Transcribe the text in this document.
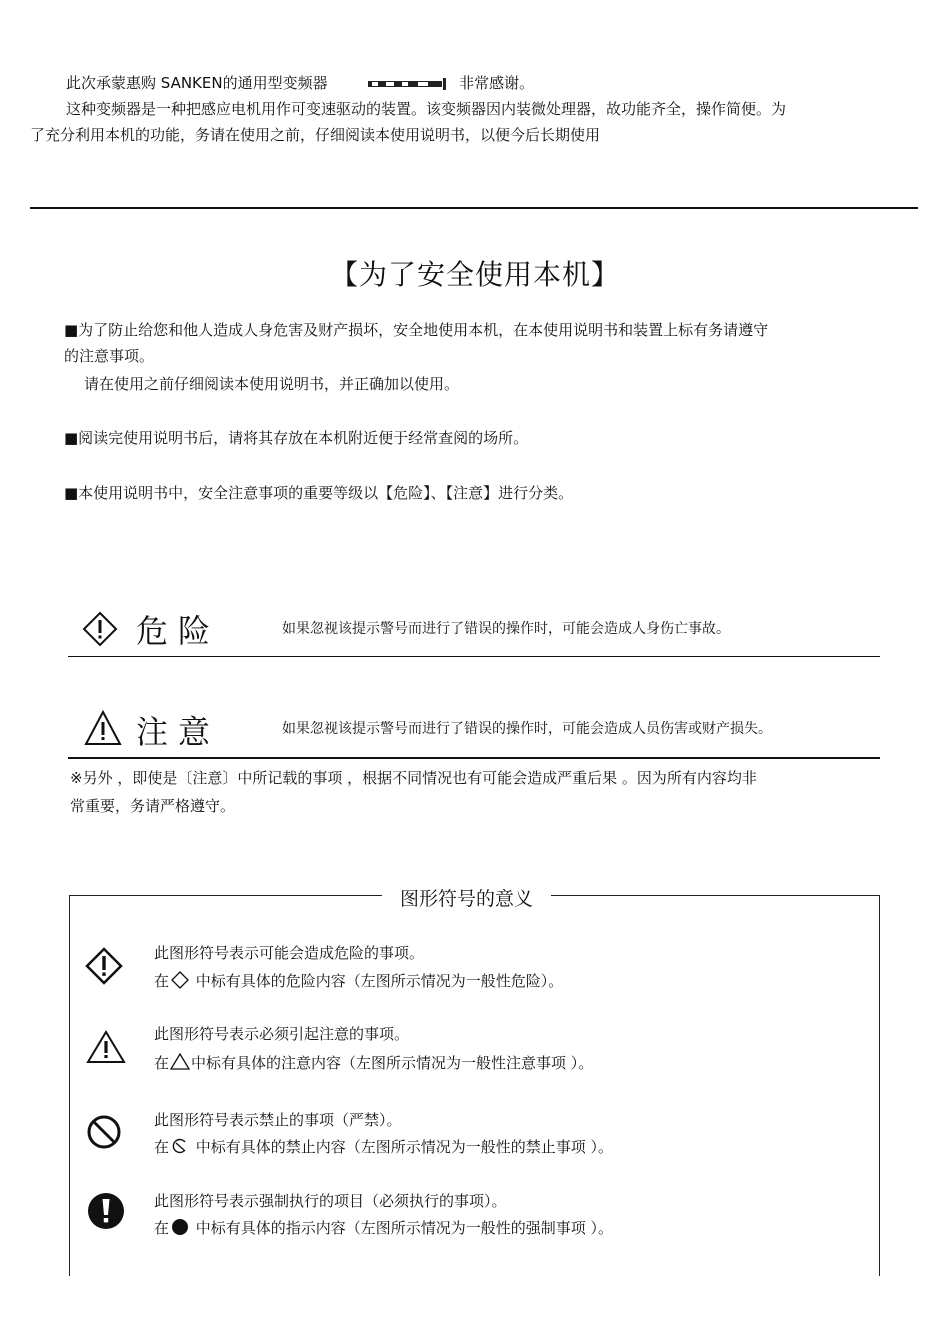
此次承蒙惠购 SANKEN的通用型变频器	非常感谢。
这种变频器是一种把感应电机用作可变速驱动的装置。该变频器因内装微处理器，故功能齐全，操作简便。为
了充分利用本机的功能，务请在使用之前，仔细阅读本使用说明书，以便今后长期使用
【为了安全使用本机】
■为了防止给您和他人造成人身危害及财产损坏，安全地使用本机，在本使用说明书和装置上标有务请遵守
的注意事项。
请在使用之前仔细阅读本使用说明书，并正确加以使用。
■阅读完使用说明书后，请将其存放在本机附近便于经常查阅的场所。
■本使用说明书中，安全注意事项的重要等级以【危险】、【注意】进行分类。
危险	如果忽视该提示警号而进行了错误的操作时，可能会造成人身伤亡事故。
注意	如果忽视该提示警号而进行了错误的操作时，可能会造成人员伤害或财产损失。
※另外 ，即使是〔注意〕中所记载的事项 ，根据不同情况也有可能会造成严重后果 。因为所有内容均非
常重要，务请严格遵守。
图形符号的意义
此图形符号表示可能会造成危险的事项。
在
中标有具体的危险内容（左图所示情况为一般性危险）。
此图形符号表示必须引起注意的事项。
在 中标有具体的注意内容（左图所示情况为一般性注意事项 ）。
此图形符号表示禁止的事项（严禁）。
在
中标有具体的禁止内容（左图所示情况为一般性的禁止事项 ）。
此图形符号表示强制执行的项目（必须执行的事项）。
在
中标有具体的指示内容（左图所示情况为一般性的强制事项 ）。
